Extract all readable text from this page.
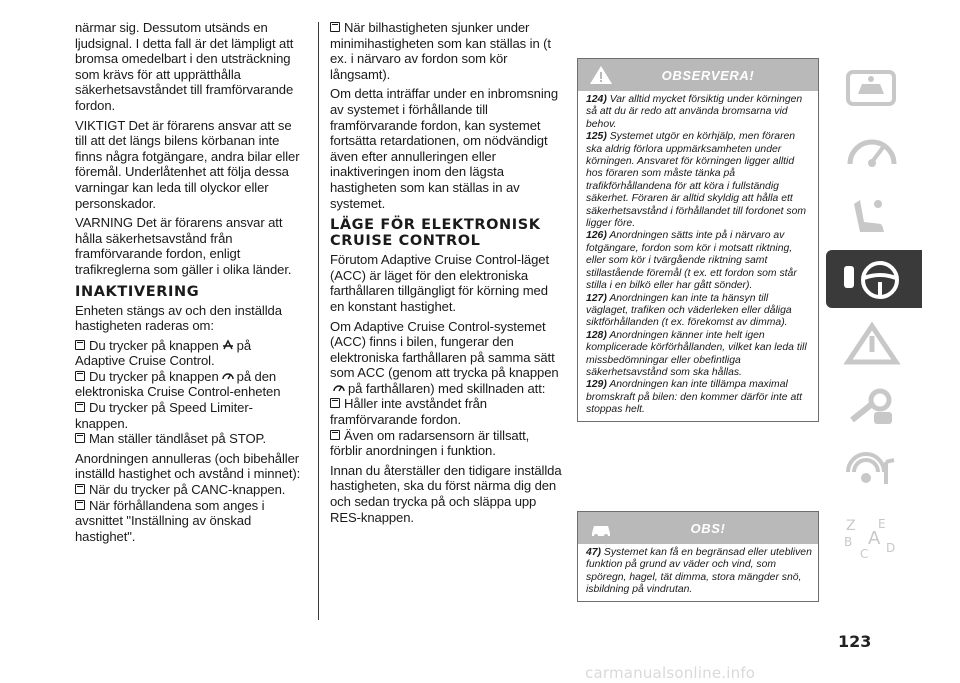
närmar sig. Dessutom utsänds en ljudsignal. I detta fall är det lämpligt att bromsa omedelbart i den utsträckning som krävs för att upprätthålla säkerhetsavståndet till framförvarande fordon.

VIKTIGT Det är förarens ansvar att se till att det längs bilens körbanan inte finns några fotgängare, andra bilar eller föremål. Underlåtenhet att följa dessa varningar kan leda till olyckor eller personskador.

VARNING Det är förarens ansvar att hålla säkerhetsavstånd från framförvarande fordon, enligt trafikreglerna som gäller i olika länder.

INAKTIVERING

Enheten stängs av och den inställda hastigheten raderas om:

Du trycker på knappen på Adaptive Cruise Control.

Du trycker på knappen på den elektroniska Cruise Control-enheten

Du trycker på Speed Limiter-knappen.

Man ställer tändlåset på STOP.

Anordningen annulleras (och bibehåller inställd hastighet och avstånd i minnet):

När du trycker på CANC-knappen.

När förhållandena som anges i avsnittet "Inställning av önskad hastighet".

När bilhastigheten sjunker under minimihastigheten som kan ställas in (t ex. i närvaro av fordon som kör långsamt).

Om detta inträffar under en inbromsning av systemet i förhållande till framförvarande fordon, kan systemet fortsätta retardationen, om nödvändigt även efter annulleringen eller inaktiveringen inom den lägsta hastigheten som kan ställas in av systemet.

LÄGE FÖR ELEKTRONISK CRUISE CONTROL

Förutom Adaptive Cruise Control-läget (ACC) är läget för den elektroniska farthållaren tillgängligt för körning med en konstant hastighet.

Om Adaptive Cruise Control-systemet (ACC) finns i bilen, fungerar den elektroniska farthållaren på samma sätt som ACC (genom att trycka på knappenpå farthållaren) med skillnaden att:

Håller inte avståndet från framförvarande fordon.

Även om radarsensorn är tillsatt, förblir anordningen i funktion.

Innan du återställer den tidigare inställda hastigheten, ska du först närma dig den och sedan trycka på och släppa upp RES-knappen.

OBSERVERA!

124) Var alltid mycket försiktig under körningen så att du är redo att använda bromsarna vid behov.

125) Systemet utgör en körhjälp, men föraren ska aldrig förlora uppmärksamheten under körningen. Ansvaret för körningen ligger alltid hos föraren som måste tänka på trafikförhållandena för att köra i fullständig säkerhet. Föraren är alltid skyldig att hålla ett säkerhetsavstånd i förhållandet till fordonet som ligger före.

126) Anordningen sätts inte på i närvaro av fotgängare, fordon som kör i motsatt riktning, eller som kör i tvärgående riktning samt stillastående föremål (t ex. ett fordon som står stilla i en bilkö eller har gått sönder).

127) Anordningen kan inte ta hänsyn till väglaget, trafiken och väderleken eller dåliga siktförhållanden (t ex. förekomst av dimma).

128) Anordningen känner inte helt igen komplicerade körförhållanden, vilket kan leda till missbedömningar eller obefintliga säkerhetsavstånd som ska hållas.

129) Anordningen kan inte tillämpa maximal bromskraft på bilen: den kommer därför inte att stoppas helt.

OBS!

47) Systemet kan få en begränsad eller utebliven funktion på grund av väder och vind, som spöregn, hagel, tät dimma, stora mängder snö, isbildning på vindrutan.

Z E
B A D
C
123
carmanualsonline.info
